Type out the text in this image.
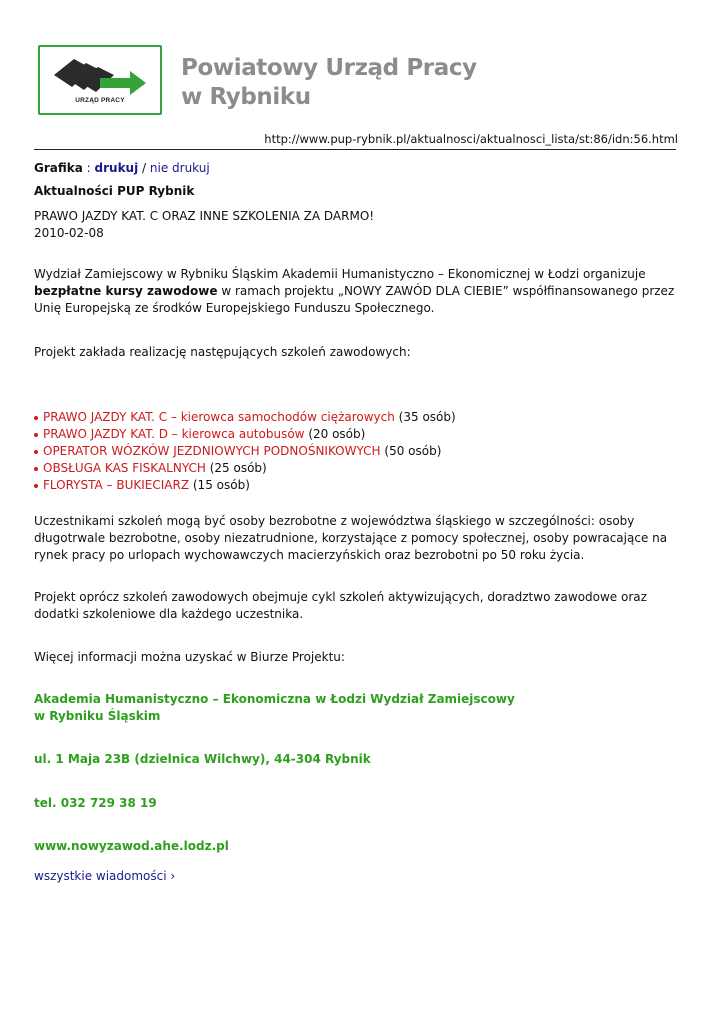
URZĄD PRACY
Powiatowy Urząd Pracy
w Rybniku
http://www.pup-rybnik.pl/aktualnosci/aktualnosci_lista/st:86/idn:56.html
Grafika : drukuj / nie drukuj
Aktualności PUP Rybnik
PRAWO JAZDY KAT. C ORAZ INNE SZKOLENIA ZA DARMO!
2010-02-08
Wydział Zamiejscowy w Rybniku Śląskim Akademii Humanistyczno – Ekonomicznej w Łodzi organizuje bezpłatne kursy zawodowe w ramach projektu „NOWY ZAWÓD DLA CIEBIE” współfinansowanego przez Unię Europejską ze środków Europejskiego Funduszu Społecznego.
Projekt zakłada realizację następujących szkoleń zawodowych:
PRAWO JAZDY KAT. C – kierowca samochodów ciężarowych (35 osób)
PRAWO JAZDY KAT. D – kierowca autobusów (20 osób)
OPERATOR WÓZKÓW JEZDNIOWYCH PODNOŚNIKOWYCH (50 osób)
OBSŁUGA KAS FISKALNYCH (25 osób)
FLORYSTA – BUKIECIARZ (15 osób)
Uczestnikami szkoleń mogą być osoby bezrobotne z województwa śląskiego w szczególności: osoby długotrwale bezrobotne, osoby niezatrudnione, korzystające z pomocy społecznej, osoby powracające na rynek pracy po urlopach wychowawczych macierzyńskich oraz bezrobotni po 50 roku życia.
Projekt oprócz szkoleń zawodowych obejmuje cykl szkoleń aktywizujących, doradztwo zawodowe oraz dodatki szkoleniowe dla każdego uczestnika.
Więcej informacji można uzyskać w Biurze Projektu:
Akademia Humanistyczno – Ekonomiczna w Łodzi Wydział Zamiejscowy
w Rybniku Śląskim
ul. 1 Maja 23B (dzielnica Wilchwy), 44-304 Rybnik
tel. 032 729 38 19
www.nowyzawod.ahe.lodz.pl
wszystkie wiadomości ›
